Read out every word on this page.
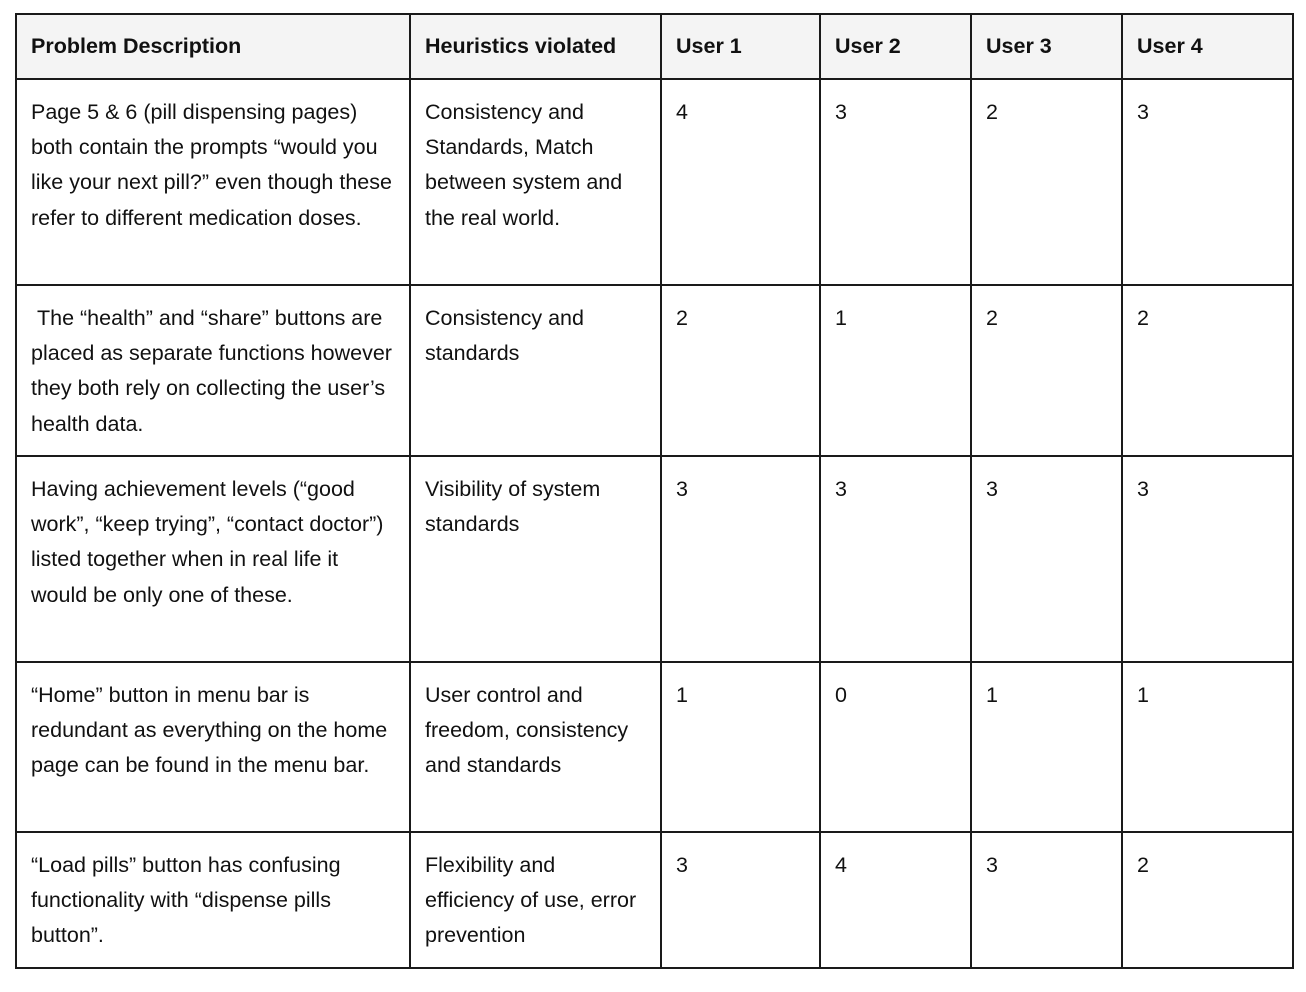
Problem Description	Heuristics violated	User 1	User 2	User 3	User 4
Page 5 & 6 (pill dispensing pages) both contain the prompts “would you like your next pill?” even though these refer to different medication doses.	Consistency and Standards, Match between system and the real world.	4	3	2	3
The “health” and “share” buttons are placed as separate functions however they both rely on collecting the user’s health data.	Consistency and standards	2	1	2	2
Having achievement levels (“good work”, “keep trying”, “contact doctor”) listed together when in real life it would be only one of these.	Visibility of system standards	3	3	3	3
“Home” button in menu bar is redundant as everything on the home page can be found in the menu bar.	User control and freedom, consistency and standards	1	0	1	1
“Load pills” button has confusing functionality with “dispense pills button”.	Flexibility and efficiency of use, error prevention	3	4	3	2
